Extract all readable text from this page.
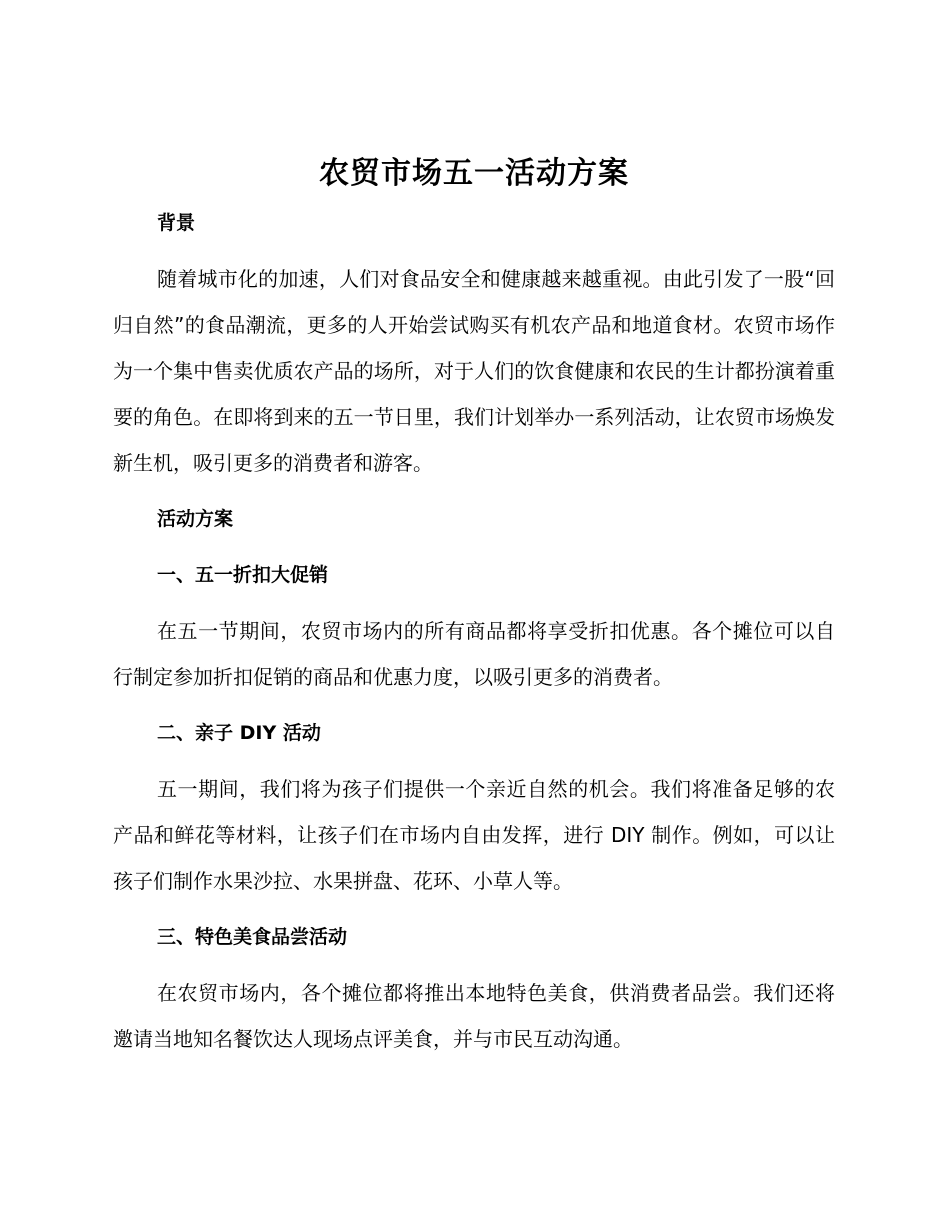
农贸市场五一活动方案
背景

随着城市化的加速，人们对食品安全和健康越来越重视。由此引发了一股“回归自然”的食品潮流，更多的人开始尝试购买有机农产品和地道食材。农贸市场作为一个集中售卖优质农产品的场所，对于人们的饮食健康和农民的生计都扮演着重要的角色。在即将到来的五一节日里，我们计划举办一系列活动，让农贸市场焕发新生机，吸引更多的消费者和游客。

活动方案
一、五一折扣大促销

在五一节期间，农贸市场内的所有商品都将享受折扣优惠。各个摊位可以自行制定参加折扣促销的商品和优惠力度，以吸引更多的消费者。

二、亲子 DIY 活动

五一期间，我们将为孩子们提供一个亲近自然的机会。我们将准备足够的农产品和鲜花等材料，让孩子们在市场内自由发挥，进行 DIY 制作。例如，可以让孩子们制作水果沙拉、水果拼盘、花环、小草人等。

三、特色美食品尝活动

在农贸市场内，各个摊位都将推出本地特色美食，供消费者品尝。我们还将邀请当地知名餐饮达人现场点评美食，并与市民互动沟通。
